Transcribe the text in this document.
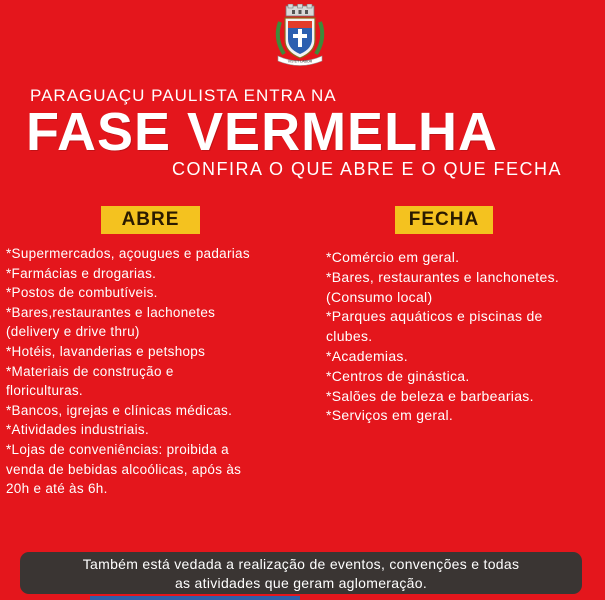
VIS ET LABOR
PARAGUAÇU PAULISTA ENTRA NA
FASE VERMELHA
CONFIRA O QUE ABRE E O QUE FECHA
ABRE	FECHA
*Supermercados, açougues e padarias
*Farmácias e drogarias.
*Postos de combutíveis.
*Bares,restaurantes e lachonetes
(delivery e drive thru)
*Hotéis, lavanderias e petshops
*Materiais de construção e
floriculturas.
*Bancos, igrejas e clínicas médicas.
*Atividades industriais.
*Lojas de conveniências: proibida a
venda de bebidas alcoólicas, após às
20h e até às 6h.
*Comércio em geral.
*Bares, restaurantes e lanchonetes.
(Consumo local)
*Parques aquáticos e piscinas de
clubes.
*Academias.
*Centros de ginástica.
*Salões de beleza e barbearias.
*Serviços em geral.
Também está vedada a realização de eventos, convenções e todas
as atividades que geram aglomeração.
